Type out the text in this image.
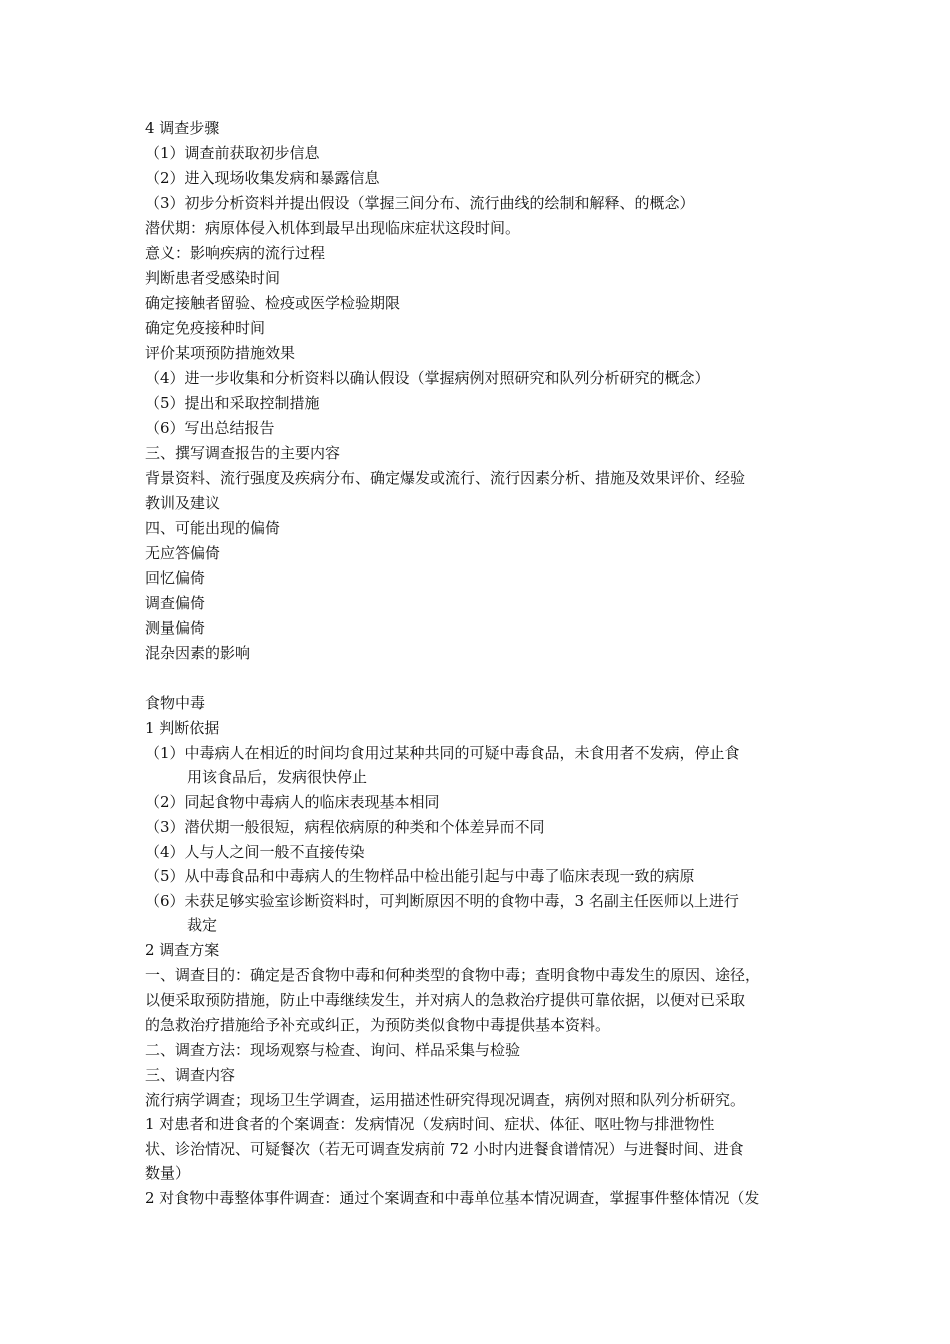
4 调查步骤
（1）调查前获取初步信息
（2）进入现场收集发病和暴露信息
（3）初步分析资料并提出假设（掌握三间分布、流行曲线的绘制和解释、的概念）
潜伏期：病原体侵入机体到最早出现临床症状这段时间。
意义：影响疾病的流行过程
判断患者受感染时间
确定接触者留验、检疫或医学检验期限
确定免疫接种时间
评价某项预防措施效果
（4）进一步收集和分析资料以确认假设（掌握病例对照研究和队列分析研究的概念）
（5）提出和采取控制措施
（6）写出总结报告
三、撰写调查报告的主要内容
背景资料、流行强度及疾病分布、确定爆发或流行、流行因素分析、措施及效果评价、经验
教训及建议
四、可能出现的偏倚
无应答偏倚
回忆偏倚
调查偏倚
测量偏倚
混杂因素的影响
食物中毒
1 判断依据
（1）中毒病人在相近的时间均食用过某种共同的可疑中毒食品，未食用者不发病，停止食
用该食品后，发病很快停止
（2）同起食物中毒病人的临床表现基本相同
（3）潜伏期一般很短，病程依病原的种类和个体差异而不同
（4）人与人之间一般不直接传染
（5）从中毒食品和中毒病人的生物样品中检出能引起与中毒了临床表现一致的病原
（6）未获足够实验室诊断资料时，可判断原因不明的食物中毒，3 名副主任医师以上进行
裁定
2 调查方案
一、调查目的：确定是否食物中毒和何种类型的食物中毒；查明食物中毒发生的原因、途径，
以便采取预防措施，防止中毒继续发生，并对病人的急救治疗提供可靠依据，以便对已采取
的急救治疗措施给予补充或纠正，为预防类似食物中毒提供基本资料。
二、调查方法：现场观察与检查、询问、样品采集与检验
三、调查内容
流行病学调查；现场卫生学调查，运用描述性研究得现况调查，病例对照和队列分析研究。
1 对患者和进食者的个案调查：发病情况（发病时间、症状、体征、呕吐物与排泄物性
状、诊治情况、可疑餐次（若无可调查发病前 72 小时内进餐食谱情况）与进餐时间、进食
数量）
2 对食物中毒整体事件调查：通过个案调查和中毒单位基本情况调查，掌握事件整体情况（发
